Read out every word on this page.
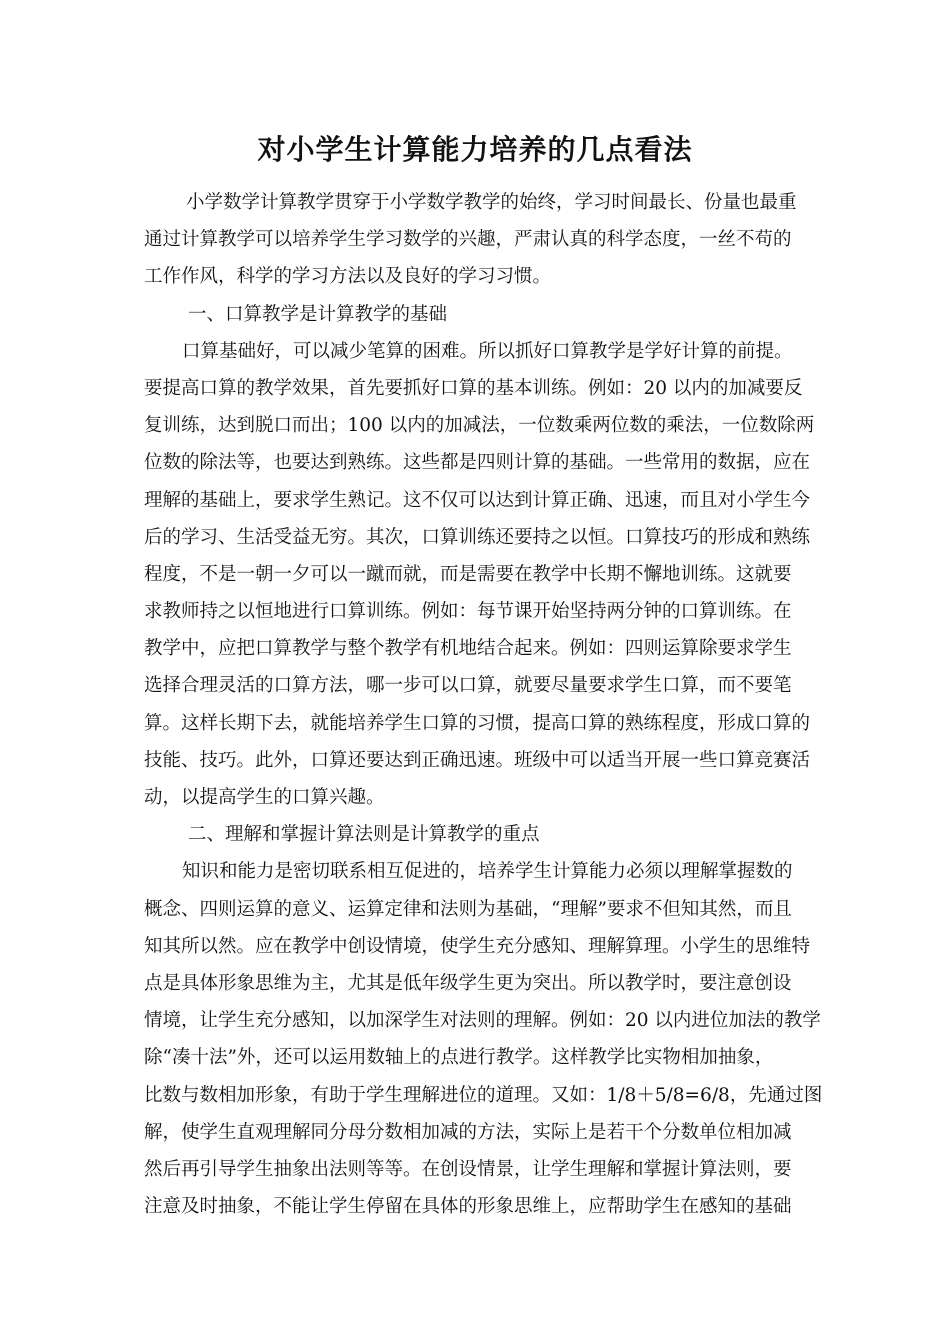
对小学生计算能力培养的几点看法
小学数学计算教学贯穿于小学数学教学的始终，学习时间最长、份量也最重
通过计算教学可以培养学生学习数学的兴趣，严肃认真的科学态度，一丝不苟的
工作作风，科学的学习方法以及良好的学习习惯。
一、口算教学是计算教学的基础
口算基础好，可以减少笔算的困难。所以抓好口算教学是学好计算的前提。
要提高口算的教学效果，首先要抓好口算的基本训练。例如：20 以内的加减要反
复训练，达到脱口而出；100 以内的加减法，一位数乘两位数的乘法，一位数除两
位数的除法等，也要达到熟练。这些都是四则计算的基础。一些常用的数据，应在
理解的基础上，要求学生熟记。这不仅可以达到计算正确、迅速，而且对小学生今
后的学习、生活受益无穷。其次，口算训练还要持之以恒。口算技巧的形成和熟练
程度，不是一朝一夕可以一蹴而就，而是需要在教学中长期不懈地训练。这就要
求教师持之以恒地进行口算训练。例如：每节课开始坚持两分钟的口算训练。在
教学中，应把口算教学与整个教学有机地结合起来。例如：四则运算除要求学生
选择合理灵活的口算方法，哪一步可以口算，就要尽量要求学生口算，而不要笔
算。这样长期下去，就能培养学生口算的习惯，提高口算的熟练程度，形成口算的
技能、技巧。此外，口算还要达到正确迅速。班级中可以适当开展一些口算竞赛活
动，以提高学生的口算兴趣。
二、理解和掌握计算法则是计算教学的重点
知识和能力是密切联系相互促进的，培养学生计算能力必须以理解掌握数的
概念、四则运算的意义、运算定律和法则为基础，“理解”要求不但知其然，而且
知其所以然。应在教学中创设情境，使学生充分感知、理解算理。小学生的思维特
点是具体形象思维为主，尤其是低年级学生更为突出。所以教学时，要注意创设
情境，让学生充分感知，以加深学生对法则的理解。例如：20 以内进位加法的教学
除“凑十法”外，还可以运用数轴上的点进行教学。这样教学比实物相加抽象，
比数与数相加形象，有助于学生理解进位的道理。又如：1/8＋5/8=6/8，先通过图
解，使学生直观理解同分母分数相加减的方法，实际上是若干个分数单位相加减
然后再引导学生抽象出法则等等。在创设情景，让学生理解和掌握计算法则，要
注意及时抽象，不能让学生停留在具体的形象思维上，应帮助学生在感知的基础
